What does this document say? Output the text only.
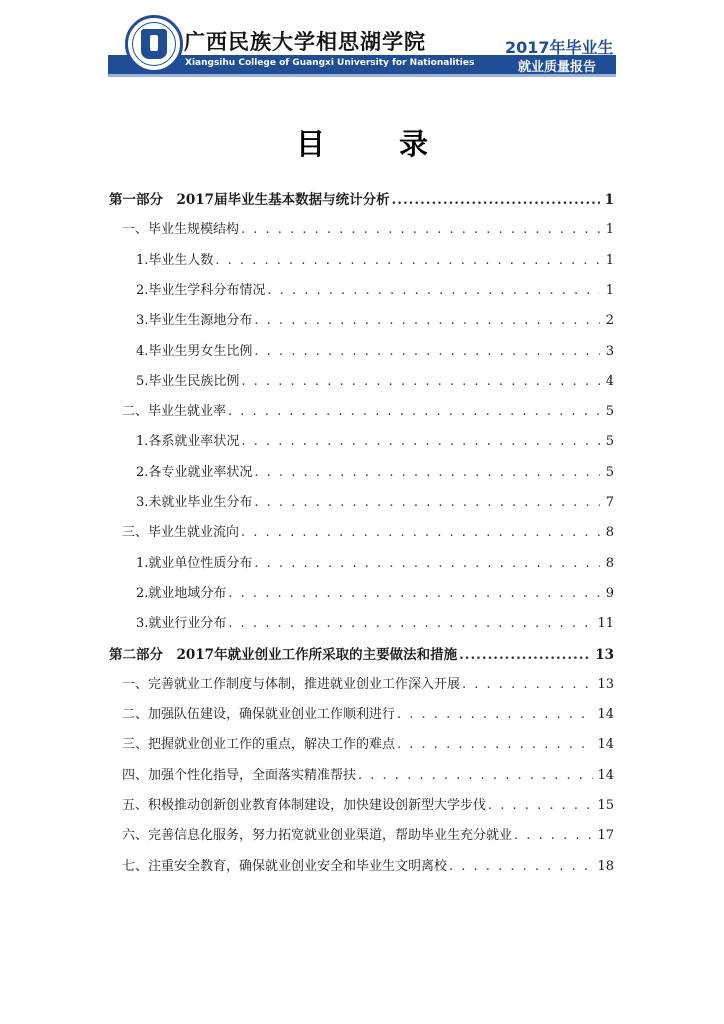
广西民族大学相思湖学院
Xiangsihu College of Guangxi University for Nationalities
2017年毕业生
就业质量报告
目 录
第一部分　2017届毕业生基本数据与统计分析 .....	1
一、毕业生规模结构 . . .	1
1.毕业生人数 . . .	1
2.毕业生学科分布情况 . . .	1
3.毕业生生源地分布 . . .	2
4.毕业生男女生比例 . . .	3
5.毕业生民族比例 . . .	4
二、毕业生就业率 . . .	5
1.各系就业率状况 . . .	5
2.各专业就业率状况 . . .	5
3.未就业毕业生分布 . . .	7
三、毕业生就业流向 . . .	8
1.就业单位性质分布 . . .	8
2.就业地域分布 . . .	9
3.就业行业分布 . . .	11
第二部分　2017年就业创业工作所采取的主要做法和措施 .....	13
一、完善就业工作制度与体制，推进就业创业工作深入开展 . . .	13
二、加强队伍建设，确保就业创业工作顺利进行 . . .	14
三、把握就业创业工作的重点，解决工作的难点 . . .	14
四、加强个性化指导，全面落实精准帮扶 . . .	14
五、积极推动创新创业教育体制建设，加快建设创新型大学步伐 . . .	15
六、完善信息化服务，努力拓宽就业创业渠道，帮助毕业生充分就业 . . .	17
七、注重安全教育，确保就业创业安全和毕业生文明离校 . . .	18
